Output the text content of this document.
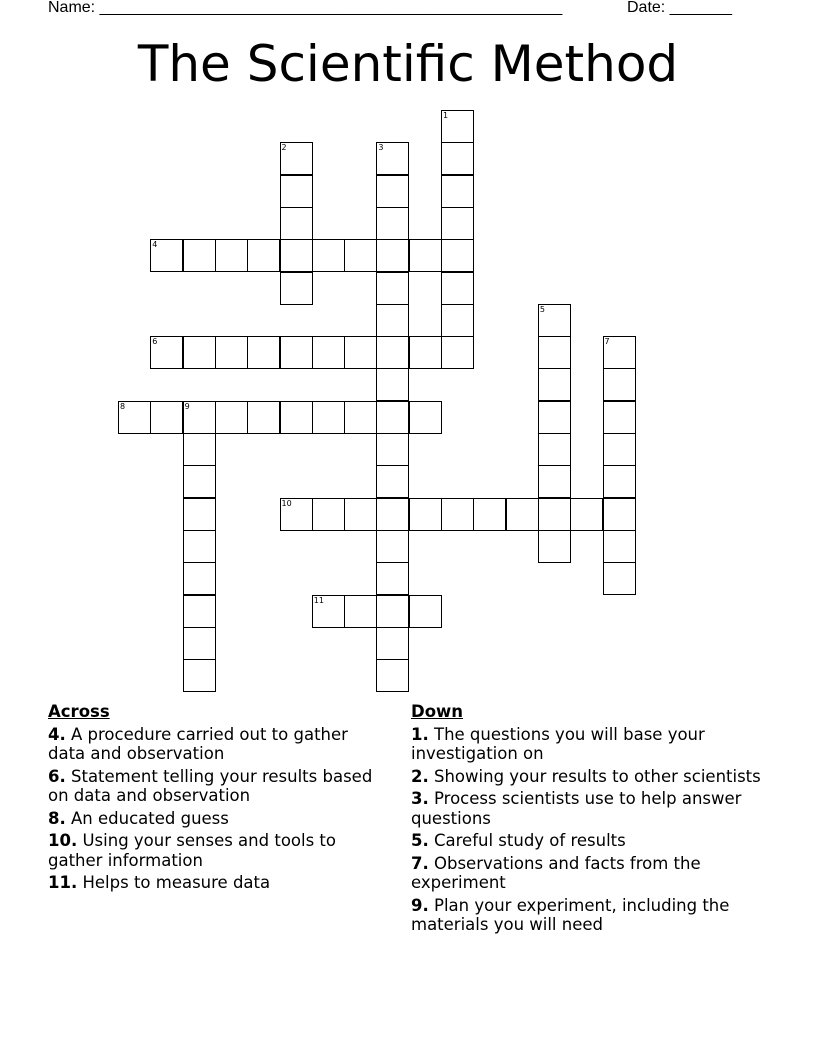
Name: ____________________________________________________	Date: _______
The Scientific Method
1
2	3
4
5
6	7
8	9
10
11
Across
4. A procedure carried out to gather data and observation
6. Statement telling your results based on data and observation
8. An educated guess
10. Using your senses and tools to gather information
11. Helps to measure data
Down
1. The questions you will base your investigation on
2. Showing your results to other scientists
3. Process scientists use to help answer questions
5. Careful study of results
7. Observations and facts from the experiment
9. Plan your experiment, including the materials you will need
